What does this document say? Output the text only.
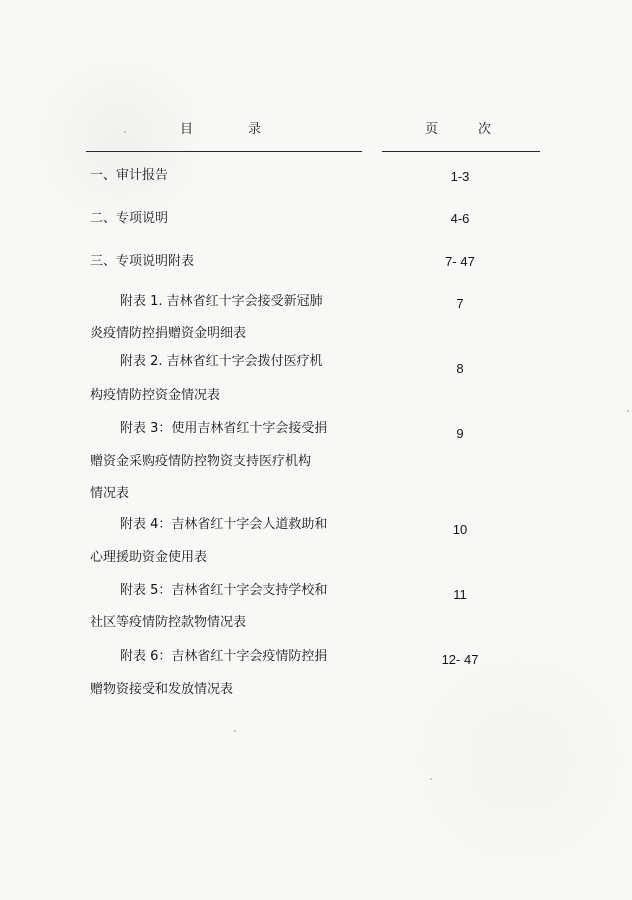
目	录	页	次
一、审计报告	1-3
二、专项说明	4-6
三、专项说明附表	7- 47
附表 1. 吉林省红十字会接受新冠肺
炎疫情防控捐赠资金明细表
7
附表 2. 吉林省红十字会拨付医疗机
构疫情防控资金情况表
8
附表 3：使用吉林省红十字会接受捐
赠资金采购疫情防控物资支持医疗机构
情况表
9
附表 4：吉林省红十字会人道救助和
心理援助资金使用表
10
附表 5：吉林省红十字会支持学校和
社区等疫情防控款物情况表
11
附表 6：吉林省红十字会疫情防控捐
赠物资接受和发放情况表
12- 47
